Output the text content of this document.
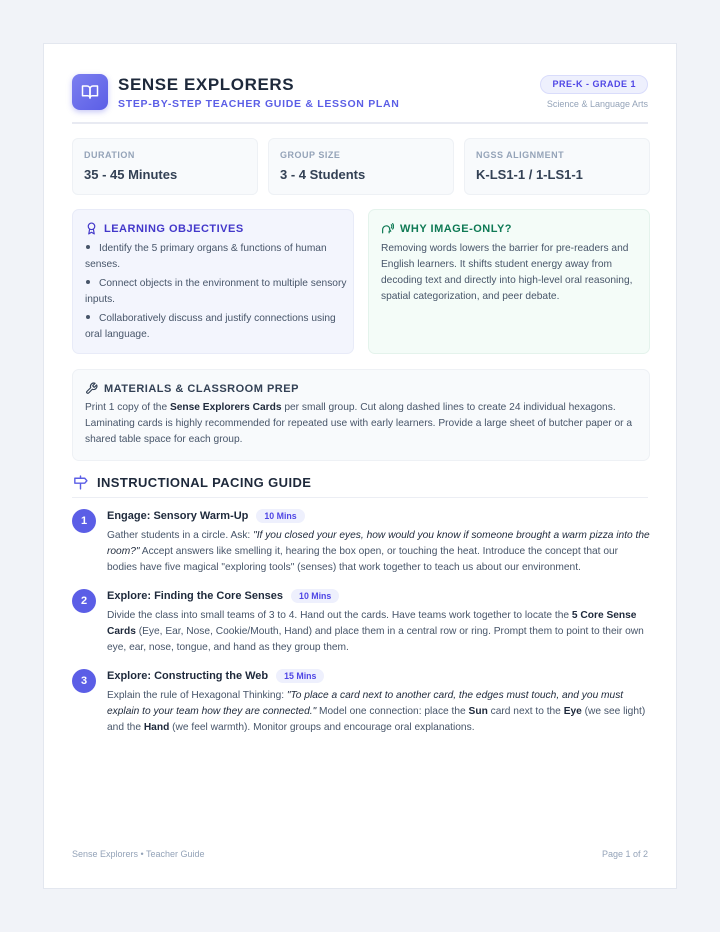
SENSE EXPLORERS
STEP-BY-STEP TEACHER GUIDE & LESSON PLAN
PRE-K - GRADE 1
Science & Language Arts
DURATION
35 - 45 Minutes
GROUP SIZE
3 - 4 Students
NGSS ALIGNMENT
K-LS1-1 / 1-LS1-1
LEARNING OBJECTIVES
Identify the 5 primary organs & functions of human senses.
Connect objects in the environment to multiple sensory inputs.
Collaboratively discuss and justify connections using oral language.
WHY IMAGE-ONLY?

Removing words lowers the barrier for pre-readers and English learners. It shifts student energy away from decoding text and directly into high-level oral reasoning, spatial categorization, and peer debate.

MATERIALS & CLASSROOM PREP

Print 1 copy of the Sense Explorers Cards per small group. Cut along dashed lines to create 24 individual hexagons. Laminating cards is highly recommended for repeated use with early learners. Provide a large sheet of butcher paper or a shared table space for each group.

INSTRUCTIONAL PACING GUIDE
1	Engage: Sensory Warm-Up	10 Mins
Gather students in a circle. Ask: "If you closed your eyes, how would you know if someone brought a warm pizza into the room?" Accept answers like smelling it, hearing the box open, or touching the heat. Introduce the concept that our bodies have five magical "exploring tools" (senses) that work together to teach us about our environment.
2	Explore: Finding the Core Senses	10 Mins
Divide the class into small teams of 3 to 4. Hand out the cards. Have teams work together to locate the 5 Core Sense Cards (Eye, Ear, Nose, Cookie/Mouth, Hand) and place them in a central row or ring. Prompt them to point to their own eye, ear, nose, tongue, and hand as they group them.
3	Explore: Constructing the Web	15 Mins
Explain the rule of Hexagonal Thinking: "To place a card next to another card, the edges must touch, and you must explain to your team how they are connected." Model one connection: place the Sun card next to the Eye (we see light) and the Hand (we feel warmth). Monitor groups and encourage oral explanations.
Sense Explorers • Teacher Guide	Page 1 of 2
